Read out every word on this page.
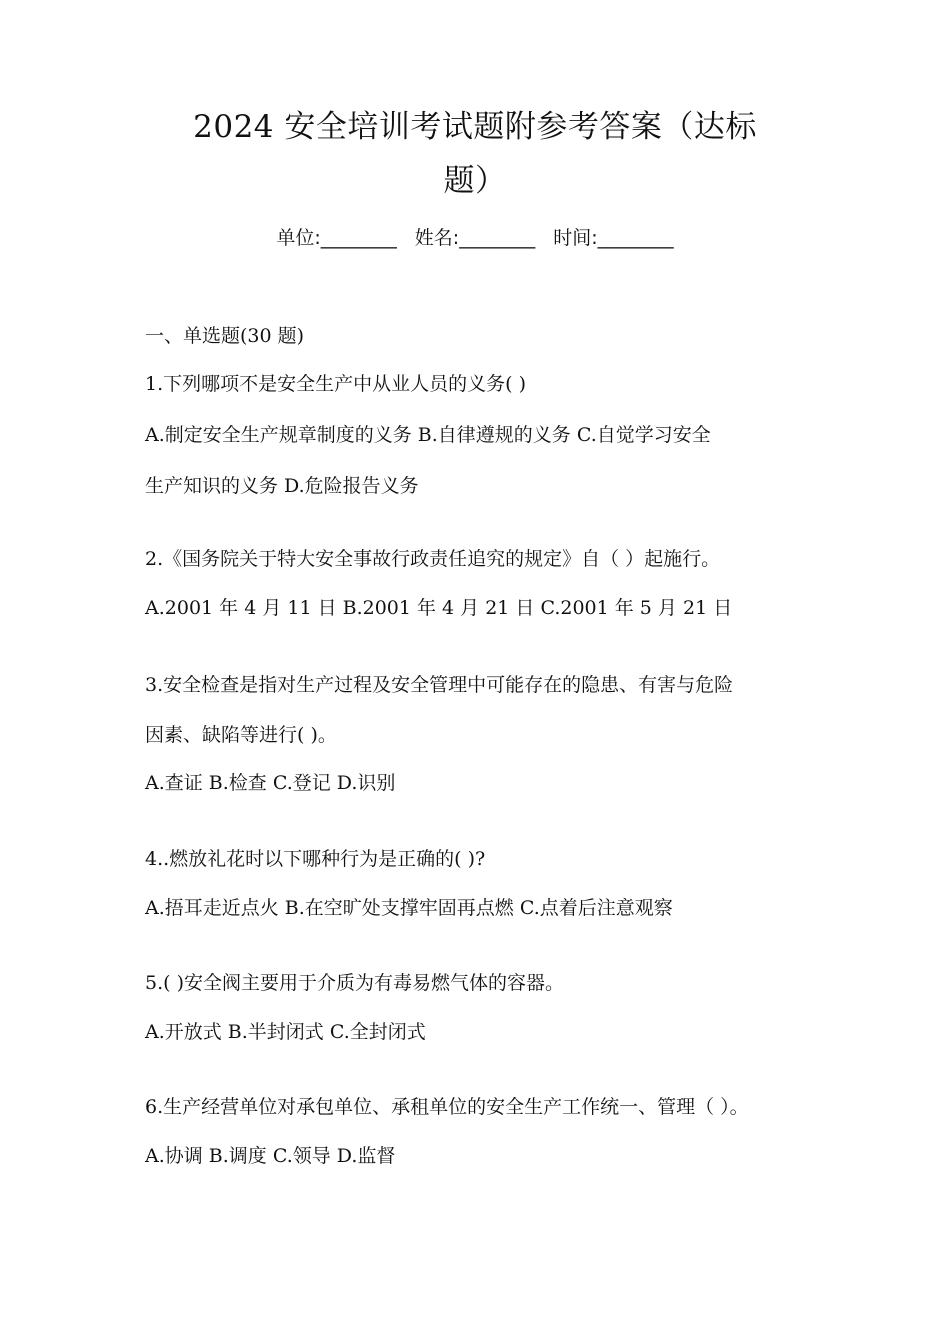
2024 安全培训考试题附参考答案（达标
题）
单位:________ 姓名:________ 时间:________
一、单选题(30 题)
1.下列哪项不是安全生产中从业人员的义务( )
A.制定安全生产规章制度的义务 B.自律遵规的义务 C.自觉学习安全
生产知识的义务 D.危险报告义务
2.《国务院关于特大安全事故行政责任追究的规定》自（ ）起施行。
A.2001 年 4 月 11 日 B.2001 年 4 月 21 日 C.2001 年 5 月 21 日
3.安全检查是指对生产过程及安全管理中可能存在的隐患、有害与危险
因素、缺陷等进行( )。
A.查证 B.检查 C.登记 D.识别
4..燃放礼花时以下哪种行为是正确的( )?
A.捂耳走近点火 B.在空旷处支撑牢固再点燃 C.点着后注意观察
5.( )安全阀主要用于介质为有毒易燃气体的容器。
A.开放式 B.半封闭式 C.全封闭式
6.生产经营单位对承包单位、承租单位的安全生产工作统一、管理（ ）。
A.协调 B.调度 C.领导 D.监督
